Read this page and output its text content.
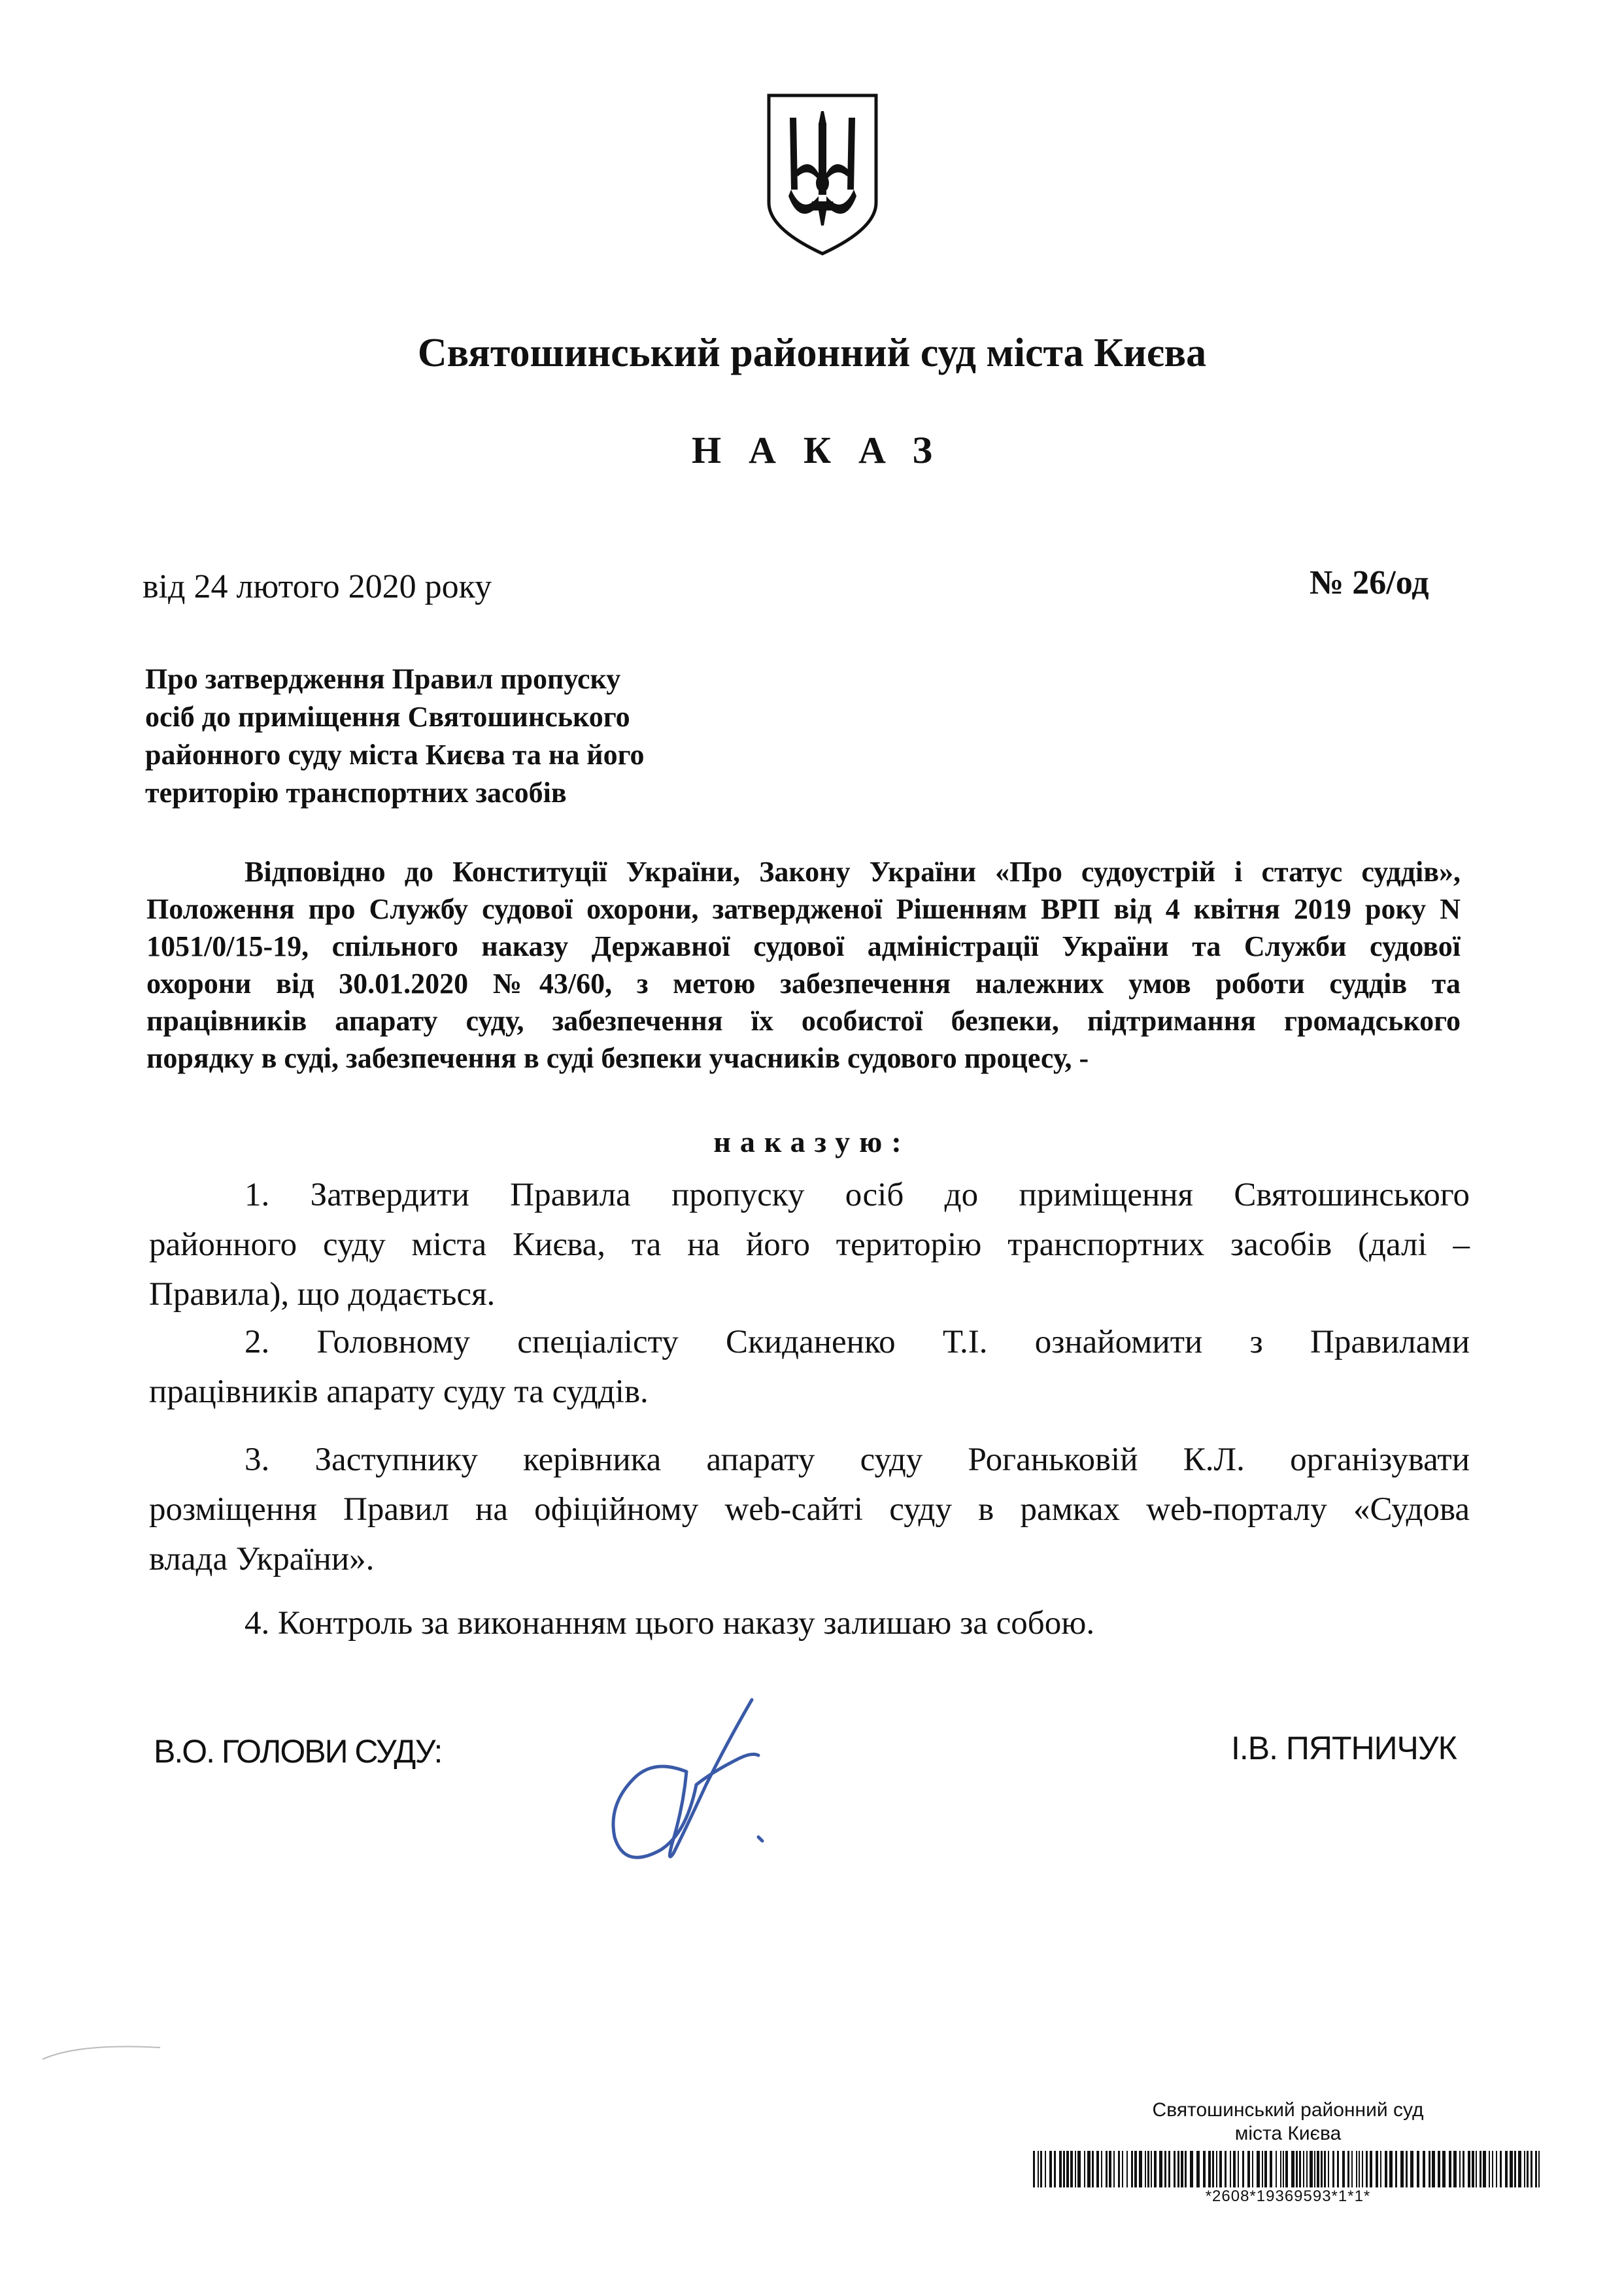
Святошинський районний суд міста Києва
НАКАЗ
від 24 лютого 2020 року	№ 26/од
Про затвердження Правил пропуску
осіб до приміщення Святошинського
районного суду міста Києва та на його
територію транспортних засобів
Відповідно до Конституції України, Закону України «Про судоустрій і статус суддів»,
Положення про Службу судової охорони, затвердженої Рішенням ВРП від 4 квітня 2019 року N
1051/0/15-19, спільного наказу Державної судової адміністрації України та Служби судової
охорони від 30.01.2020 №43/60, з метою забезпечення належних умов роботи суддів та
працівників апарату суду, забезпечення їх особистої безпеки, підтримання громадського
порядку в суді, забезпечення в суді безпеки учасників судового процесу, -
наказую:
1. Затвердити Правила пропуску осіб до приміщення Святошинського
районного суду міста Києва, та на його територію транспортних засобів (далі –
Правила), що додається.
2. Головному спеціалісту Скиданенко Т.І. ознайомити з Правилами
працівників апарату суду та суддів.
3. Заступнику керівника апарату суду Роганьковій К.Л. організувати
розміщення Правил на офіційному web-сайті суду в рамках web-порталу «Судова
влада України».
4. Контроль за виконанням цього наказу залишаю за собою.
В.О. ГОЛОВИ СУДУ:	І.В. ПЯТНИЧУК
Святошинський районний суд
міста Києва
*2608*19369593*1*1*
